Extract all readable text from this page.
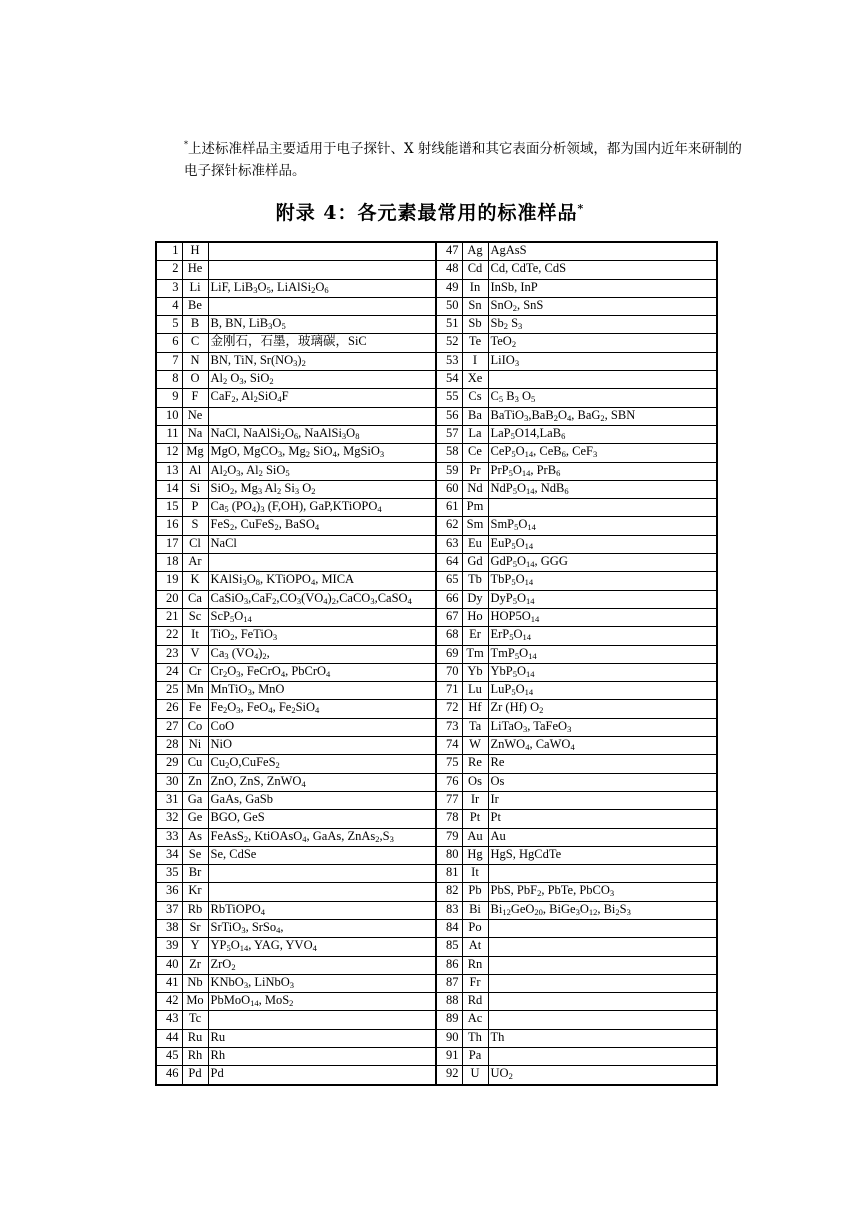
*上述标准样品主要适用于电子探针、X 射线能谱和其它表面分析领域，都为国内近年来研制的电子探针标准样品。
附录 4：各元素最常用的标准样品*
1	H		47	Ag	AgAsS
2	He		48	Cd	Cd, CdTe, CdS
3	Li	LiF, $LiB_3O_5$, $LiAlSi_2O_6$	49	In	InSb, InP
4	Be		50	Sn	SnO$_2$, SnS
5	B	B, BN, $LiB_3O_5$	51	Sb	$Sb_2$ $S_3$
6	C	金刚石，石墨，玻璃碳，SiC	52	Te	TeO$_2$
7	N	BN, TiN, $Sr(NO_3)_2$	53	I	LiIO$_3$
8	O	$Al_2$ $O_3$, SiO$_2$	54	Xe	
9	F	CaF$_2$, $Al_2SiO_4F$	55	Cs	$C_5$ $B_3$ $O_5$
10	Ne		56	Ba	$BaTiO_3,BaB_2O_4$, BaG$_2$, SBN
11	Na	NaCl, $NaAlSi_2O_6$, $NaAlSi_3O_8$	57	La	LaP$_5$O14,LaB$_6$
12	Mg	MgO, MgCO$_3$, $Mg_2$ SiO$_4$, MgSiO$_3$	58	Ce	$CeP_5O_{14}$, CeB$_6$, CeF$_3$
13	Al	$Al_2O_3$, $Al_2$ SiO$_5$	59	Pr	$PrP_5O_{14}$, PrB$_6$
14	Si	SiO$_2$, $Mg_3$ $Al_2$ $Si_3$ $O_2$	60	Nd	$NdP_5O_{14}$, NdB$_6$
15	P	$Ca_5$ $(PO_4)_3$ (F,OH), GaP,KTiOPO$_4$	61	Pm	
16	S	FeS$_2$, CuFeS$_2$, BaSO$_4$	62	Sm	$SmP_5O_{14}$
17	Cl	NaCl	63	Eu	$EuP_5O_{14}$
18	Ar		64	Gd	$GdP_5O_{14}$, GGG
19	K	$KAlSi_3O_8$, KTiOPO$_4$, MICA	65	Tb	$TbP_5O_{14}$
20	Ca	$CaSiO_3,CaF_2,CO_3(VO_4)_2,CaCO_3,CaSO_4$	66	Dy	$DyP_5O_{14}$
21	Sc	$ScP_5O_{14}$	67	Ho	$HOP5O_{14}$
22	It	TiO$_2$, FeTiO$_3$	68	Er	$ErP_5O_{14}$
23	V	$Ca_3$ $(VO_4)_2$,	69	Tm	$TmP_5O_{14}$
24	Cr	$Cr_2O_3$, FeCrO$_4$, PbCrO$_4$	70	Yb	$YbP_5O_{14}$
25	Mn	MnTiO$_3$, MnO	71	Lu	$LuP_5O_{14}$
26	Fe	$Fe_2O_3$, FeO$_4$, $Fe_2SiO_4$	72	Hf	Zr (Hf) $O_2$
27	Co	CoO	73	Ta	LiTaO$_3$, TaFeO$_3$
28	Ni	NiO	74	W	ZnWO$_4$, CaWO$_4$
29	Cu	$Cu_2O,CuFeS_2$	75	Re	Re
30	Zn	ZnO, ZnS, ZnWO$_4$	76	Os	Os
31	Ga	GaAs, GaSb	77	Ir	Ir
32	Ge	BGO, GeS	78	Pt	Pt
33	As	FeAsS$_2$, KtiOAsO$_4$, GaAs, $ZnAs_2,S_3$	79	Au	Au
34	Se	Se, CdSe	80	Hg	HgS, HgCdTe
35	Br		81	It	
36	Kr		82	Pb	PbS, PbF$_2$, PbTe, PbCO$_3$
37	Rb	RbTiOPO$_4$	83	Bi	$Bi_{12}GeO_{20}$, $BiGe_3O_{12}$, $Bi_2S_3$
38	Sr	SrTiO$_3$, SrSo$_4$,	84	Po	
39	Y	$YP_5O_{14}$, YAG, $YVO_4$	85	At	
40	Zr	ZrO$_2$	86	Rn	
41	Nb	KNbO$_3$, LiNbO$_3$	87	Fr	
42	Mo	PbMoO$_{14}$, MoS$_2$	88	Rd	
43	Tc		89	Ac	
44	Ru	Ru	90	Th	Th
45	Rh	Rh	91	Pa	
46	Pd	Pd	92	U	$UO_2$
